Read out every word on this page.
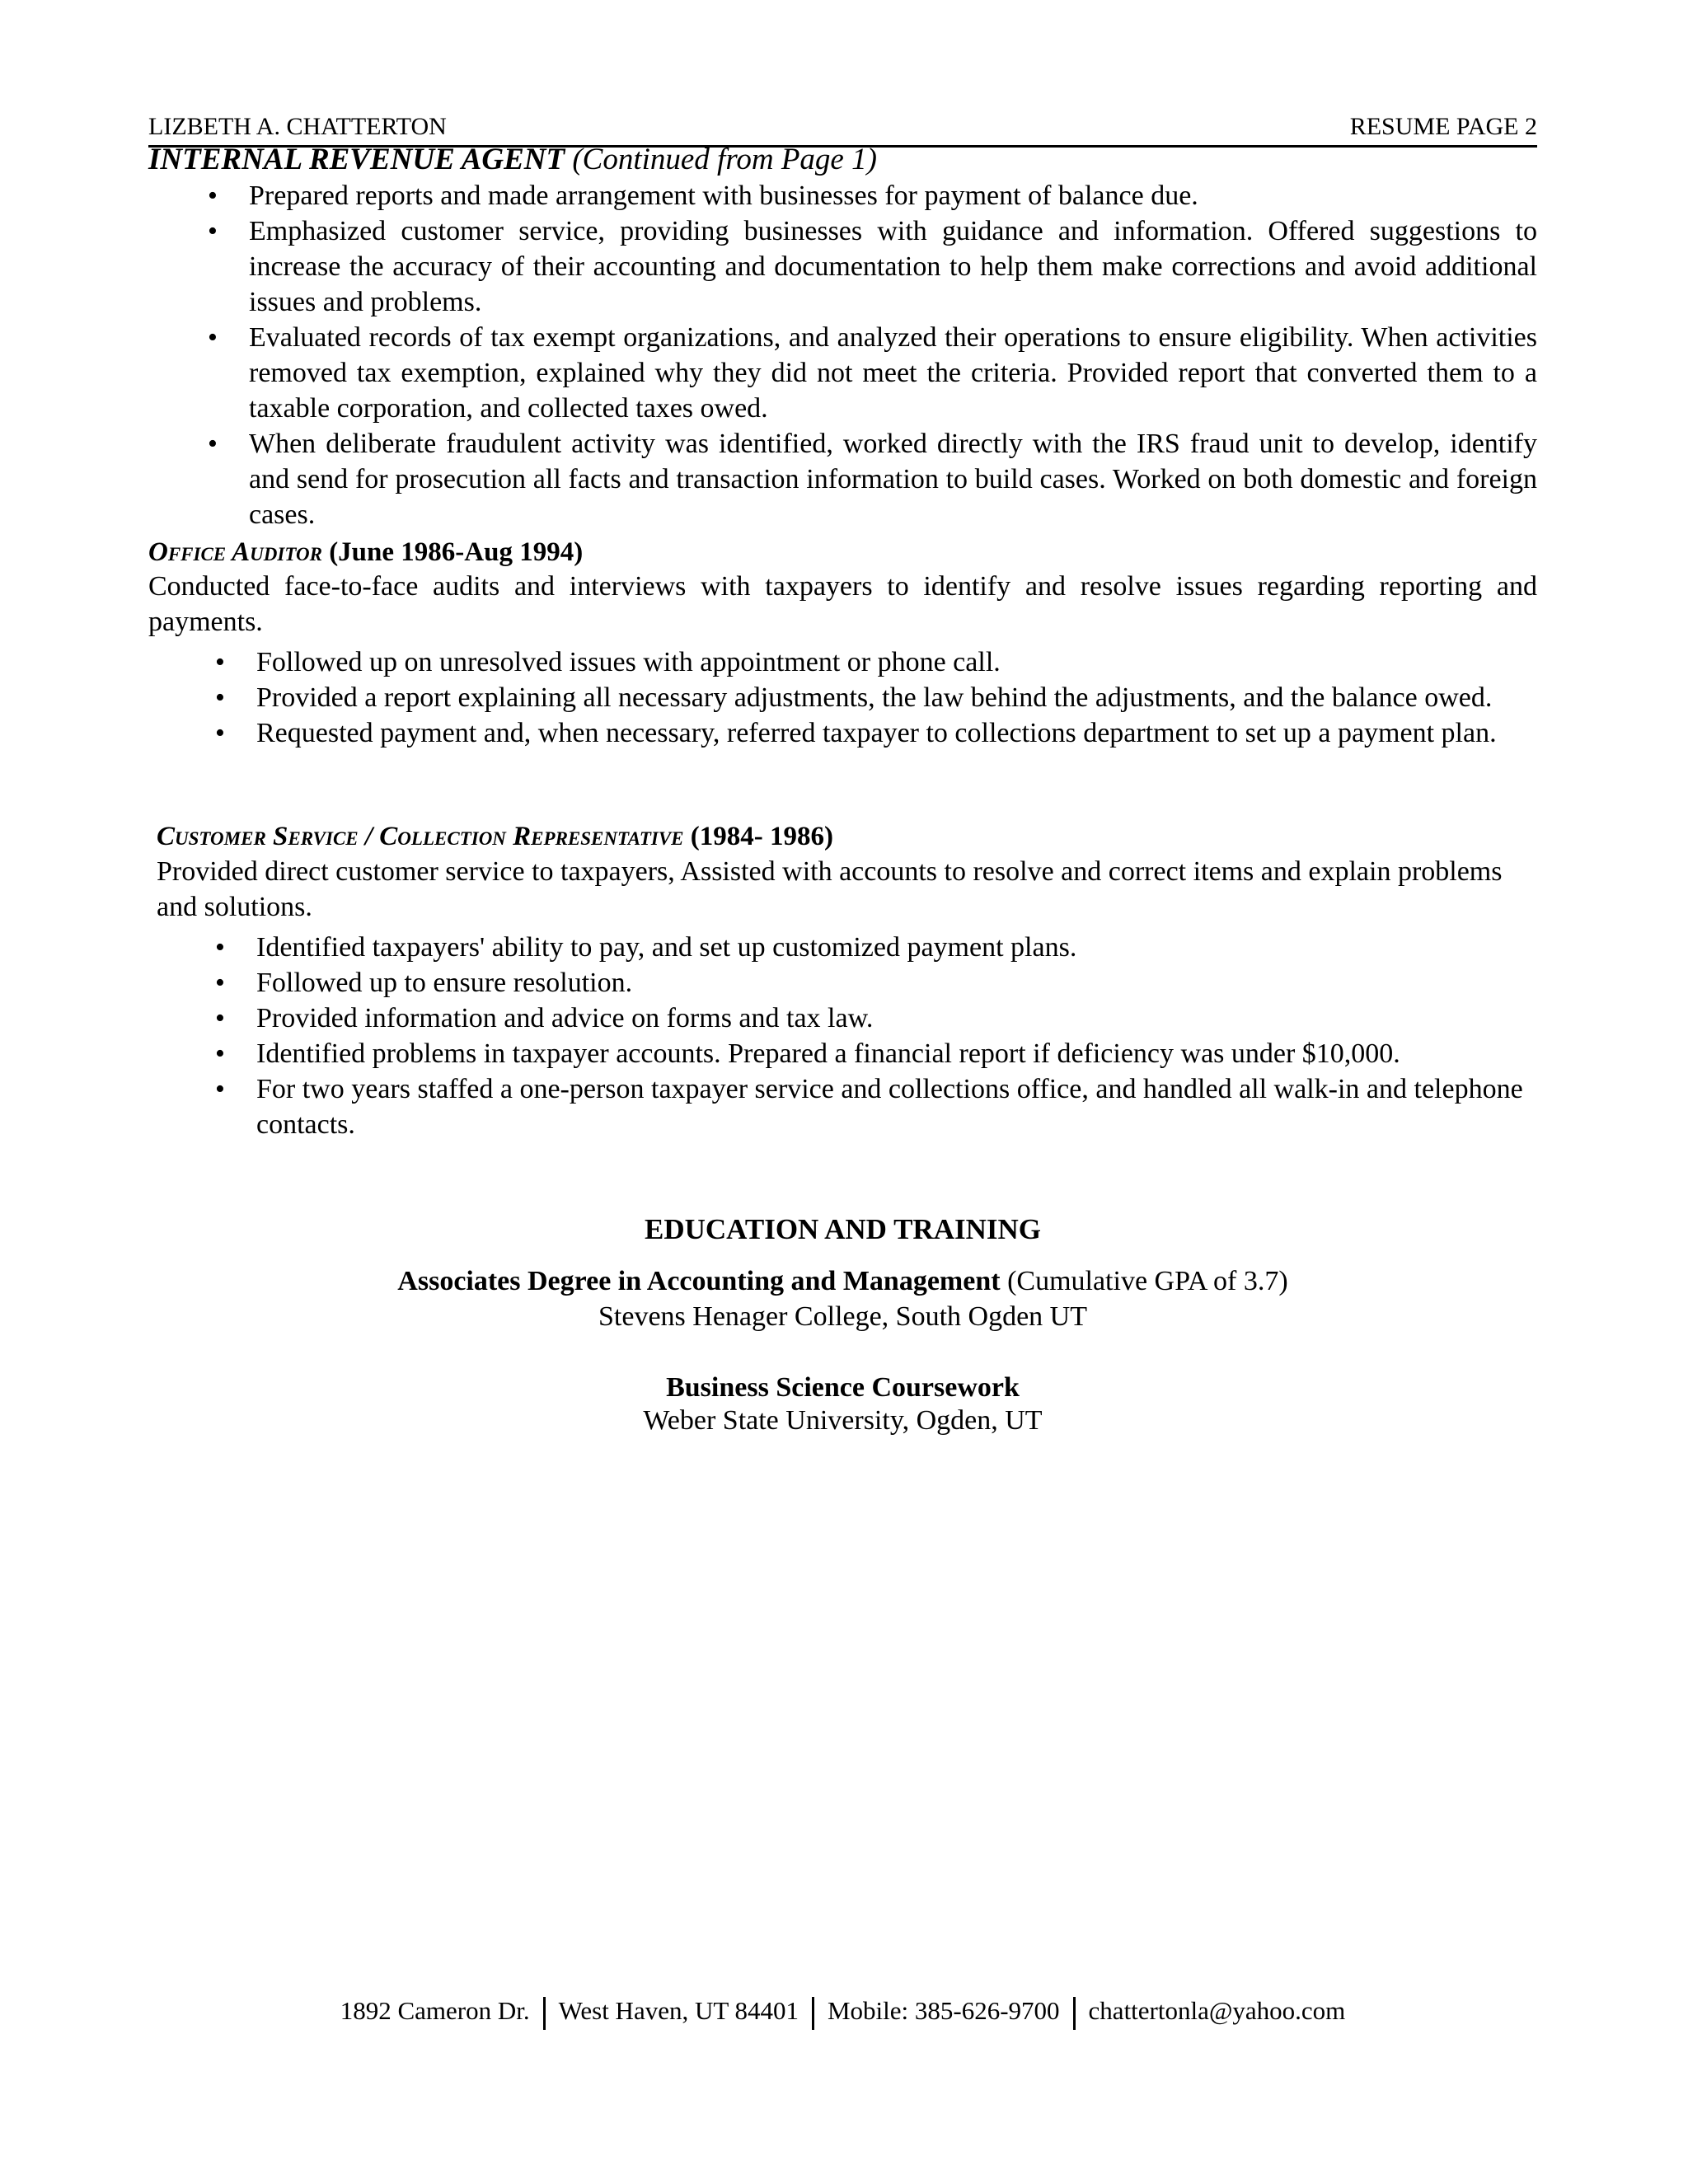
LIZBETH A. CHATTERTON	RESUME PAGE 2
INTERNAL REVENUE AGENT (Continued from Page 1)
• Prepared reports and made arrangement with businesses for payment of balance due.
• Emphasized customer service, providing businesses with guidance and information. Offered suggestions to increase the accuracy of their accounting and documentation to help them make corrections and avoid additional issues and problems.
• Evaluated records of tax exempt organizations, and analyzed their operations to ensure eligibility. When activities removed tax exemption, explained why they did not meet the criteria. Provided report that converted them to a taxable corporation, and collected taxes owed.
• When deliberate fraudulent activity was identified, worked directly with the IRS fraud unit to develop, identify and send for prosecution all facts and transaction information to build cases. Worked on both domestic and foreign cases.
Office Auditor (June 1986-Aug 1994)
Conducted face-to-face audits and interviews with taxpayers to identify and resolve issues regarding reporting and payments.
• Followed up on unresolved issues with appointment or phone call.
• Provided a report explaining all necessary adjustments, the law behind the adjustments, and the balance owed.
• Requested payment and, when necessary, referred taxpayer to collections department to set up a payment plan.
Customer Service / Collection Representative (1984- 1986)
Provided direct customer service to taxpayers, Assisted with accounts to resolve and correct items and explain problems and solutions.
• Identified taxpayers' ability to pay, and set up customized payment plans.
• Followed up to ensure resolution.
• Provided information and advice on forms and tax law.
• Identified problems in taxpayer accounts. Prepared a financial report if deficiency was under $10,000.
• For two years staffed a one-person taxpayer service and collections office, and handled all walk-in and telephone contacts.
EDUCATION AND TRAINING
Associates Degree in Accounting and Management (Cumulative GPA of 3.7)
Stevens Henager College, South Ogden UT
Business Science Coursework
Weber State University, Ogden, UT
1892 Cameron Dr. West Haven, UT 84401 Mobile: 385-626-9700 chattertonla@yahoo.com
